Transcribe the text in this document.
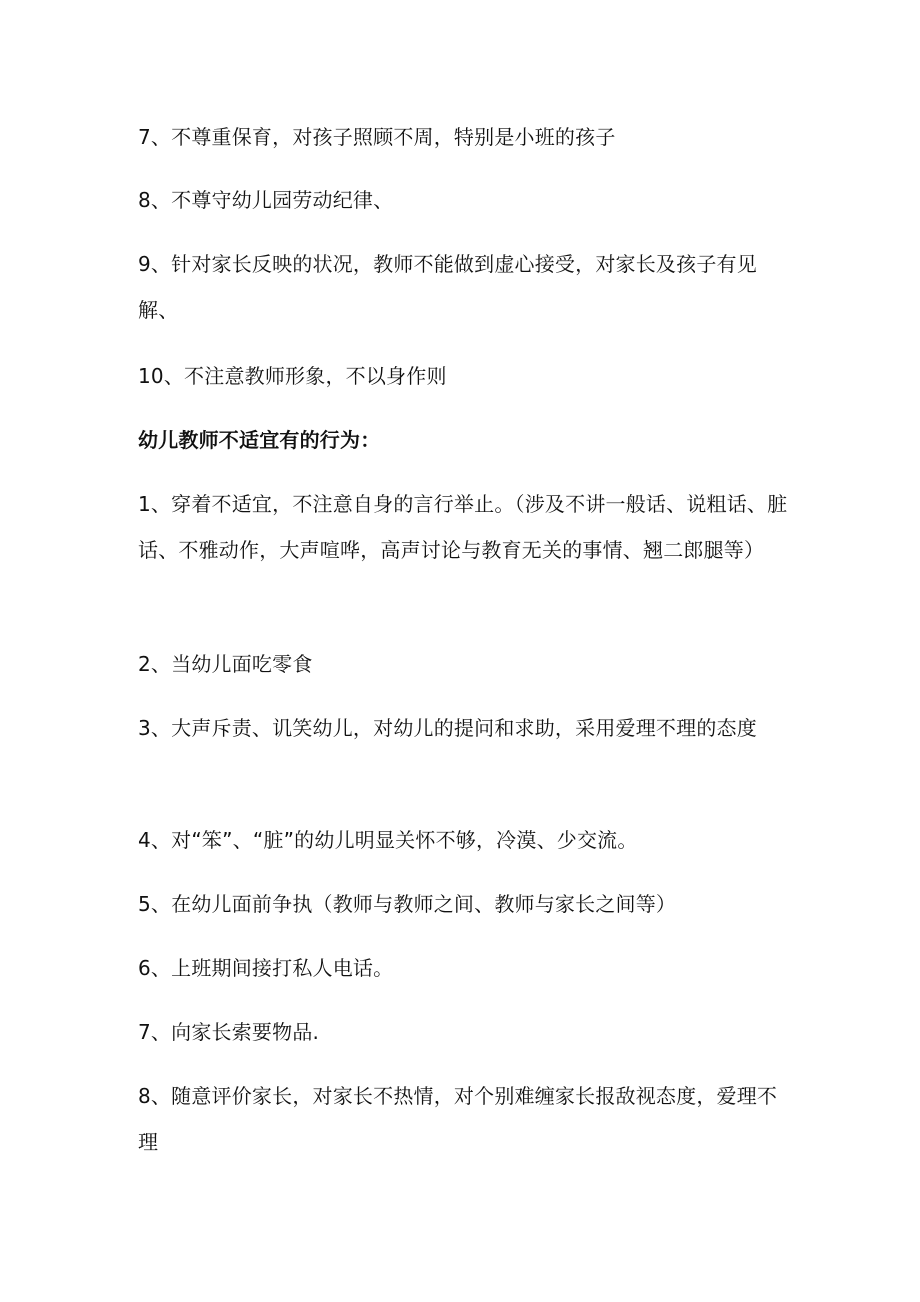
7、不尊重保育，对孩子照顾不周，特别是小班的孩子

8、不尊守幼儿园劳动纪律、

9、针对家长反映的状况，教师不能做到虚心接受，对家长及孩子有见解、

10、不注意教师形象，不以身作则

幼儿教师不适宜有的行为：

1、穿着不适宜，不注意自身的言行举止。（涉及不讲一般话、说粗话、脏话、不雅动作，大声喧哗，高声讨论与教育无关的事情、翘二郎腿等）

2、当幼儿面吃零食

3、大声斥责、讥笑幼儿，对幼儿的提问和求助，采用爱理不理的态度

4、对“笨”、“脏”的幼儿明显关怀不够，冷漠、少交流。

5、在幼儿面前争执（教师与教师之间、教师与家长之间等）

6、上班期间接打私人电话。

7、向家长索要物品.

8、随意评价家长，对家长不热情，对个别难缠家长报敌视态度，爱理不理
